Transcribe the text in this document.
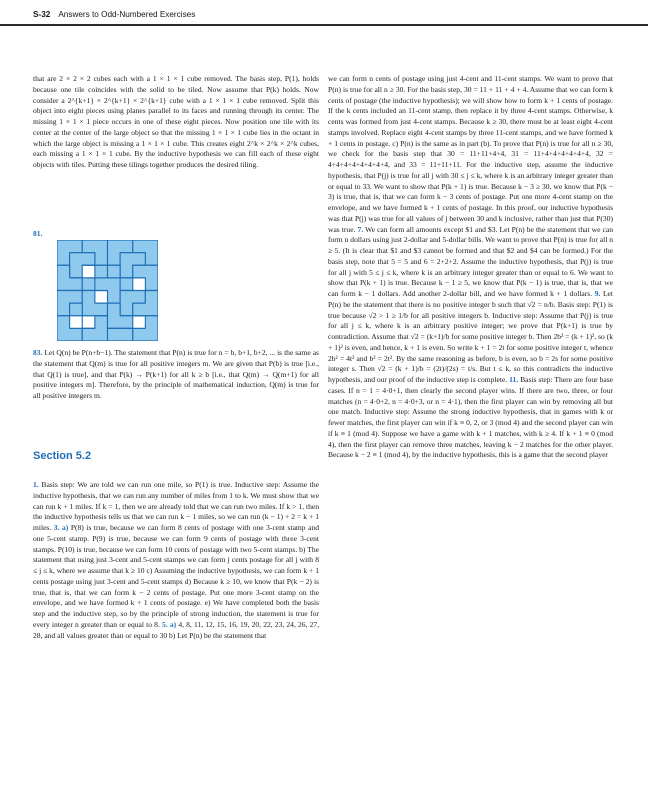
S-32 Answers to Odd-Numbered Exercises

that are 2 × 2 × 2 cubes each with a 1 × 1 × 1 cube removed. The basis step, P(1), holds because one tile coincides with the solid to be tiled. Now assume that P(k) holds. Now consider a 2^{k+1} × 2^{k+1} × 2^{k+1} cube with a 1 × 1 × 1 cube removed. Split this object into eight pieces using planes parallel to its faces and running through its center. The missing 1 × 1 × 1 piece occurs in one of these eight pieces. Now position one tile with its center at the center of the large object so that the missing 1 × 1 × 1 cube lies in the octant in which the large object is missing a 1 × 1 × 1 cube. This creates eight 2^k × 2^k × 2^k cubes, each missing a 1 × 1 × 1 cube. By the inductive hypothesis we can fill each of these eight objects with tiles. Putting these tilings together produces the desired tiling.

81.

83. Let Q(n) be P(n+b−1). The statement that P(n) is true for n = b, b+1, b+2, ... is the same as the statement that Q(m) is true for all positive integers m. We are given that P(b) is true [i.e., that Q(1) is true], and that P(k) → P(k+1) for all k ≥ b [i.e., that Q(m) → Q(m+1) for all positive integers m]. Therefore, by the principle of mathematical induction, Q(m) is true for all positive integers m.

Section 5.2

1. Basis step: We are told we can run one mile, so P(1) is true. Inductive step: Assume the inductive hypothesis, that we can run any number of miles from 1 to k. We must show that we can run k + 1 miles. If k = 1, then we are already told that we can run two miles. If k > 1, then the inductive hypothesis tells us that we can run k − 1 miles, so we can run (k − 1) + 2 = k + 1 miles. 3. a) P(8) is true, because we can form 8 cents of postage with one 3-cent stamp and one 5-cent stamp. P(9) is true, because we can form 9 cents of postage with three 3-cent stamps. P(10) is true, because we can form 10 cents of postage with two 5-cent stamps. b) The statement that using just 3-cent and 5-cent stamps we can form j cents postage for all j with 8 ≤ j ≤ k, where we assume that k ≥ 10 c) Assuming the inductive hypothesis, we can form k + 1 cents postage using just 3-cent and 5-cent stamps d) Because k ≥ 10, we know that P(k − 2) is true, that is, that we can form k − 2 cents of postage. Put one more 3-cent stamp on the envelope, and we have formed k + 1 cents of postage. e) We have completed both the basis step and the inductive step, so by the principle of strong induction, the statement is true for every integer n greater than or equal to 8. 5. a) 4, 8, 11, 12, 15, 16, 19, 20, 22, 23, 24, 26, 27, 28, and all values greater than or equal to 30 b) Let P(n) be the statement that

we can form n cents of postage using just 4-cent and 11-cent stamps. We want to prove that P(n) is true for all n ≥ 30. For the basis step, 30 = 11 + 11 + 4 + 4. Assume that we can form k cents of postage (the inductive hypothesis); we will show how to form k + 1 cents of postage. If the k cents included an 11-cent stamp, then replace it by three 4-cent stamps. Otherwise, k cents was formed from just 4-cent stamps. Because k ≥ 30, there must be at least eight 4-cent stamps involved. Replace eight 4-cent stamps by three 11-cent stamps, and we have formed k + 1 cents in postage. c) P(n) is the same as in part (b). To prove that P(n) is true for all n ≥ 30, we check for the basis step that 30 = 11+11+4+4, 31 = 11+4+4+4+4+4+4, 32 = 4+4+4+4+4+4+4+4, and 33 = 11+11+11. For the inductive step, assume the inductive hypothesis, that P(j) is true for all j with 30 ≤ j ≤ k, where k is an arbitrary integer greater than or equal to 33. We want to show that P(k + 1) is true. Because k − 3 ≥ 30, we know that P(k − 3) is true, that is, that we can form k − 3 cents of postage. Put one more 4-cent stamp on the envelope, and we have formed k + 1 cents of postage. In this proof, our inductive hypothesis was that P(j) was true for all values of j between 30 and k inclusive, rather than just that P(30) was true. 7. We can form all amounts except $1 and $3. Let P(n) be the statement that we can form n dollars using just 2-dollar and 5-dollar bills. We want to prove that P(n) is true for all n ≥ 5. (It is clear that $1 and $3 cannot be formed and that $2 and $4 can be formed.) For the basis step, note that 5 = 5 and 6 = 2+2+2. Assume the inductive hypothesis, that P(j) is true for all j with 5 ≤ j ≤ k, where k is an arbitrary integer greater than or equal to 6. We want to show that P(k + 1) is true. Because k − 1 ≥ 5, we know that P(k − 1) is true, that is, that we can form k − 1 dollars. Add another 2-dollar bill, and we have formed k + 1 dollars. 9. Let P(n) be the statement that there is no positive integer b such that √2 = n/b. Basis step: P(1) is true because √2 > 1 ≥ 1/b for all positive integers b. Inductive step: Assume that P(j) is true for all j ≤ k, where k is an arbitrary positive integer; we prove that P(k+1) is true by contradiction. Assume that √2 = (k+1)/b for some positive integer b. Then 2b² = (k + 1)², so (k + 1)² is even, and hence, k + 1 is even. So write k + 1 = 2t for some positive integer t, whence 2b² = 4t² and b² = 2t². By the same reasoning as before, b is even, so b = 2s for some positive integer s. Then √2 = (k + 1)/b = (2t)/(2s) = t/s. But t ≤ k, so this contradicts the inductive hypothesis, and our proof of the inductive step is complete. 11. Basis step: There are four base cases. If n = 1 = 4·0+1, then clearly the second player wins. If there are two, three, or four matches (n = 4·0+2, n = 4·0+3, or n = 4·1), then the first player can win by removing all but one match. Inductive step: Assume the strong inductive hypothesis, that in games with k or fewer matches, the first player can win if k ≡ 0, 2, or 3 (mod 4) and the second player can win if k ≡ 1 (mod 4). Suppose we have a game with k + 1 matches, with k ≥ 4. If k + 1 ≡ 0 (mod 4), then the first player can remove three matches, leaving k − 2 matches for the other player. Because k − 2 ≡ 1 (mod 4), by the inductive hypothesis, this is a game that the second player
